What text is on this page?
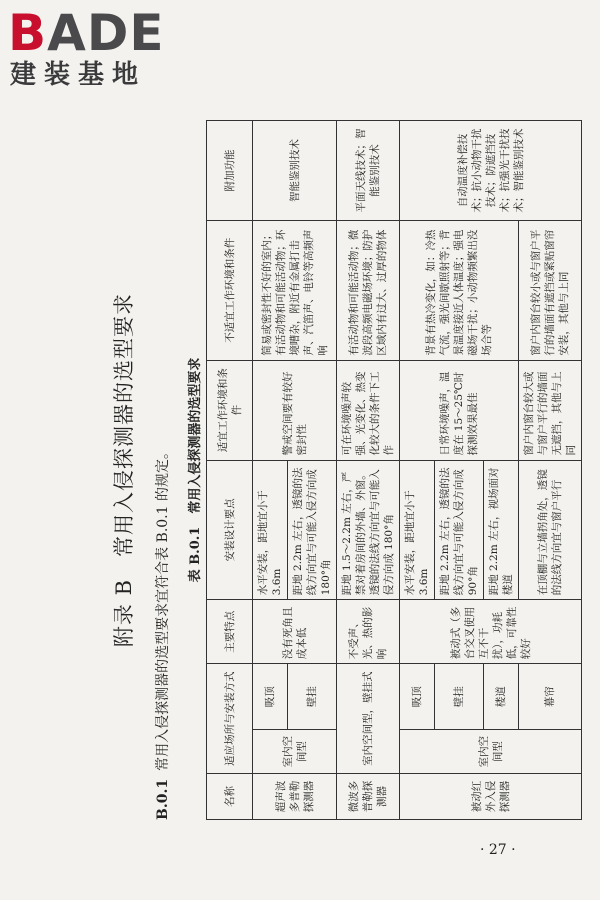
BADE
建装基地
附录 B　常用入侵探测器的选型要求
B.0.1常用入侵探测器的选型要求宜符合表 B.0.1 的规定。	表 B.0.1　常用入侵探测器的选型要求
名称	适应场所与安装方式		主要特点	安装设计要点	适宜工作环境和条件	不适宜工作环境和条件	附加功能
超声波多普勒探测器	室内空间型	吸顶	没有死角且成本低	水平安装，距地宜小于 3.6m	警戒空间要有较好密封性	简易或密封性不好的室内；有活动物和可能活动物；环境嘈杂，附近有金属打击声、汽笛声、电铃等高频声响	智能鉴别技术
		壁挂		距地 2.2m 左右，透镜的法线方向宜与可能入侵方向成 180°角			
微波多普勒探测器	室内空间型，壁挂式		不受声、光、热的影响	距地 1.5～2.2m 左右，严禁对着房间的外墙、外窗。透镜的法线方向宜与可能入侵方向成 180°角	可在环境噪声较强、光变化、热变化较大的条件下工作	有活动物和可能活动物；微波段高频电磁场环境；防护区域内有过大、过厚的物体	平面天线技术；智能鉴别技术
被动红外入侵探测器	室内空间型	吸顶	被动式（多台交叉使用互不干扰），功耗低，可靠性较好	水平安装，距地宜小于 3.6m	日常环境噪声，温度在 15～25℃时探测效果最佳	背景有热冷变化，如：冷热气流，强光间歇照射等；背景温度接近人体温度；强电磁场干扰；小动物频繁出没场合等	自动温度补偿技术；抗小动物干扰技术；防遮挡技术；抗强光干扰技术；智能鉴别技术
		壁挂		距地 2.2m 左右，透镜的法线方向宜与可能入侵方向成 90°角			
		楼道		距地 2.2m 左右，视场面对楼道			
		幕帘		在顶棚与立墙拐角处，透镜的法线方向宜与窗户平行	窗户内窗台较大或与窗户平行的墙面无遮挡，其他与上同	窗户内窗台较小或与窗户平行的墙面有遮挡或紧贴窗帘安装，其他与上同	
· 27 ·
